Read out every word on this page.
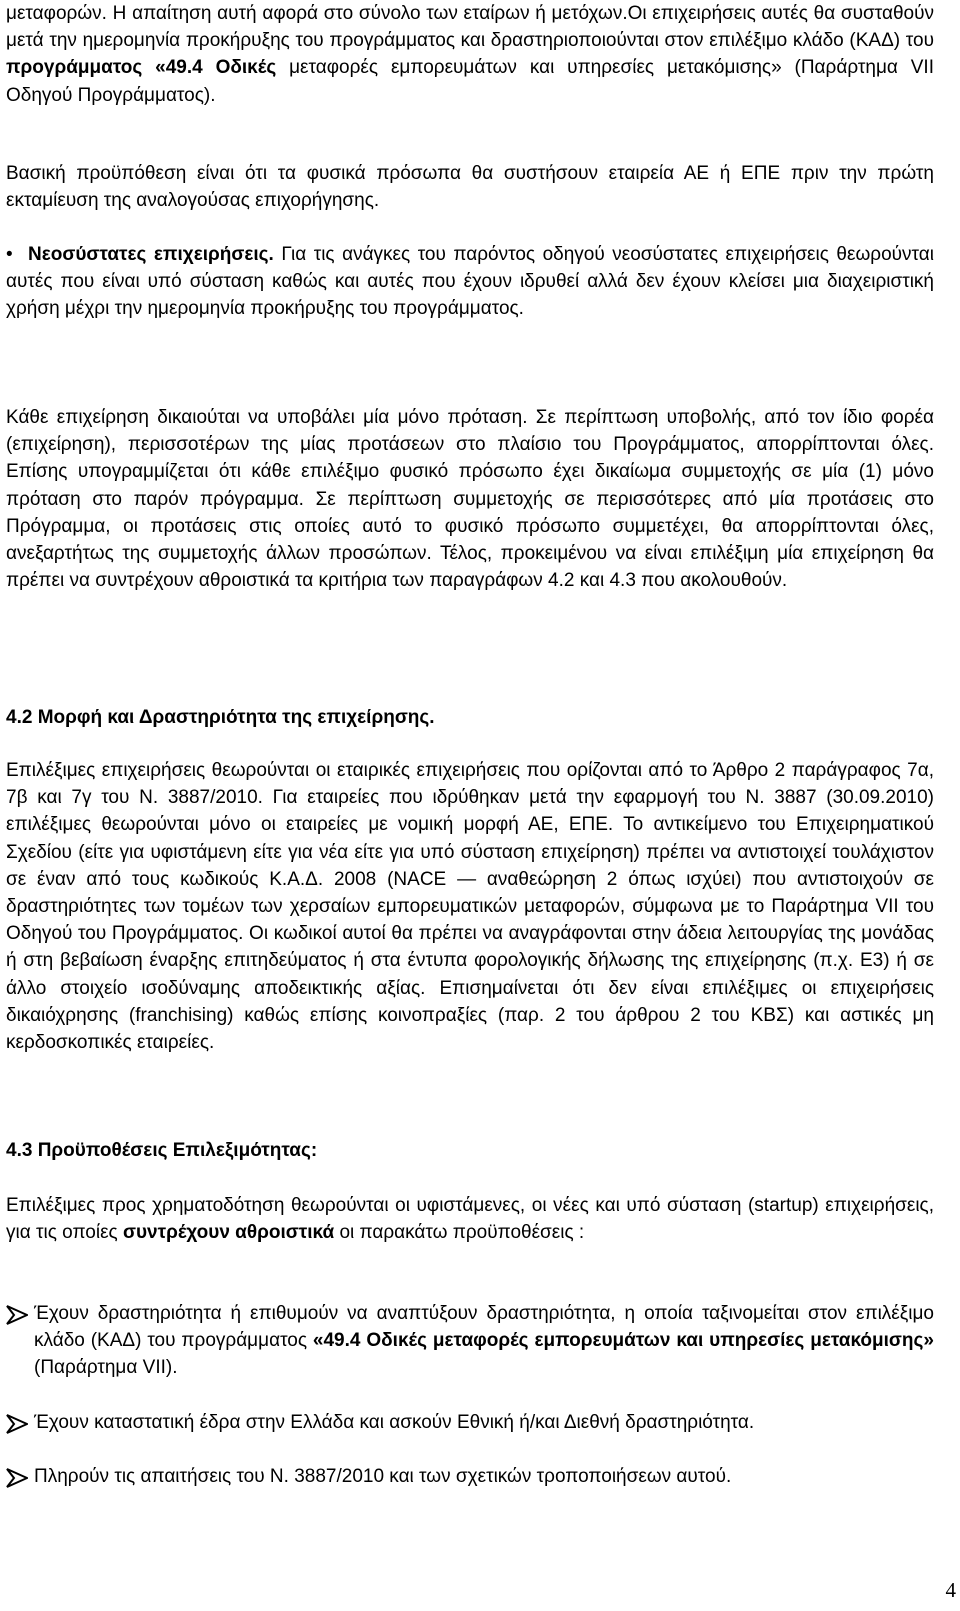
μεταφορών. Η απαίτηση αυτή αφορά στο σύνολο των εταίρων ή μετόχων.Οι επιχειρήσεις αυτές θα συσταθούν μετά την ημερομηνία προκήρυξης του προγράμματος και δραστηριοποιούνται στον επιλέξιμο κλάδο (ΚΑΔ) του προγράμματος «49.4 Οδικές μεταφορές εμπορευμάτων και υπηρεσίες μετακόμισης» (Παράρτημα VII Οδηγού Προγράμματος).

Βασική προϋπόθεση είναι ότι τα φυσικά πρόσωπα θα συστήσουν εταιρεία ΑΕ ή ΕΠΕ πριν την πρώτη εκταμίευση της αναλογούσας επιχορήγησης.

• Νεοσύστατες επιχειρήσεις. Για τις ανάγκες του παρόντος οδηγού νεοσύστατες επιχειρήσεις θεωρούνται αυτές που είναι υπό σύσταση καθώς και αυτές που έχουν ιδρυθεί αλλά δεν έχουν κλείσει μια διαχειριστική χρήση μέχρι την ημερομηνία προκήρυξης του προγράμματος.

Κάθε επιχείρηση δικαιούται να υποβάλει μία μόνο πρόταση. Σε περίπτωση υποβολής, από τον ίδιο φορέα (επιχείρηση), περισσοτέρων της μίας προτάσεων στο πλαίσιο του Προγράμματος, απορρίπτονται όλες. Επίσης υπογραμμίζεται ότι κάθε επιλέξιμο φυσικό πρόσωπο έχει δικαίωμα συμμετοχής σε μία (1) μόνο πρόταση στο παρόν πρόγραμμα. Σε περίπτωση συμμετοχής σε περισσότερες από μία προτάσεις στο Πρόγραμμα, οι προτάσεις στις οποίες αυτό το φυσικό πρόσωπο συμμετέχει, θα απορρίπτονται όλες, ανεξαρτήτως της συμμετοχής άλλων προσώπων. Τέλος, προκειμένου να είναι επιλέξιμη μία επιχείρηση θα πρέπει να συντρέχουν αθροιστικά τα κριτήρια των παραγράφων 4.2 και 4.3 που ακολουθούν.

4.2 Μορφή και Δραστηριότητα της επιχείρησης.

Επιλέξιμες επιχειρήσεις θεωρούνται οι εταιρικές επιχειρήσεις που ορίζονται από το Άρθρο 2 παράγραφος 7α, 7β και 7γ του Ν. 3887/2010. Για εταιρείες που ιδρύθηκαν μετά την εφαρμογή του Ν. 3887 (30.09.2010) επιλέξιμες θεωρούνται μόνο οι εταιρείες με νομική μορφή ΑΕ, ΕΠΕ. Το αντικείμενο του Επιχειρηματικού Σχεδίου (είτε για υφιστάμενη είτε για νέα είτε για υπό σύσταση επιχείρηση) πρέπει να αντιστοιχεί τουλάχιστον σε έναν από τους κωδικούς Κ.Α.Δ. 2008 (NACE — αναθεώρηση 2 όπως ισχύει) που αντιστοιχούν σε δραστηριότητες των τομέων των χερσαίων εμπορευματικών μεταφορών, σύμφωνα με το Παράρτημα VII του Οδηγού του Προγράμματος. Οι κωδικοί αυτοί θα πρέπει να αναγράφονται στην άδεια λειτουργίας της μονάδας ή στη βεβαίωση έναρξης επιτηδεύματος ή στα έντυπα φορολογικής δήλωσης της επιχείρησης (π.χ. Ε3) ή σε άλλο στοιχείο ισοδύναμης αποδεικτικής αξίας. Επισημαίνεται ότι δεν είναι επιλέξιμες οι επιχειρήσεις δικαιόχρησης (franchising) καθώς επίσης κοινοπραξίες (παρ. 2 του άρθρου 2 του ΚΒΣ) και αστικές μη κερδοσκοπικές εταιρείες.

4.3 Προϋποθέσεις Επιλεξιμότητας:

Επιλέξιμες προς χρηματοδότηση θεωρούνται οι υφιστάμενες, οι νέες και υπό σύσταση (startup) επιχειρήσεις, για τις οποίες συντρέχουν αθροιστικά οι παρακάτω προϋποθέσεις :

Έχουν δραστηριότητα ή επιθυμούν να αναπτύξουν δραστηριότητα, η οποία ταξινομείται στον επιλέξιμο κλάδο (ΚΑΔ) του προγράμματος «49.4 Οδικές μεταφορές εμπορευμάτων και υπηρεσίες μετακόμισης» (Παράρτημα VII).

Έχουν καταστατική έδρα στην Ελλάδα και ασκούν Εθνική ή/και Διεθνή δραστηριότητα.

Πληρούν τις απαιτήσεις του Ν. 3887/2010 και των σχετικών τροποποιήσεων αυτού.

4
